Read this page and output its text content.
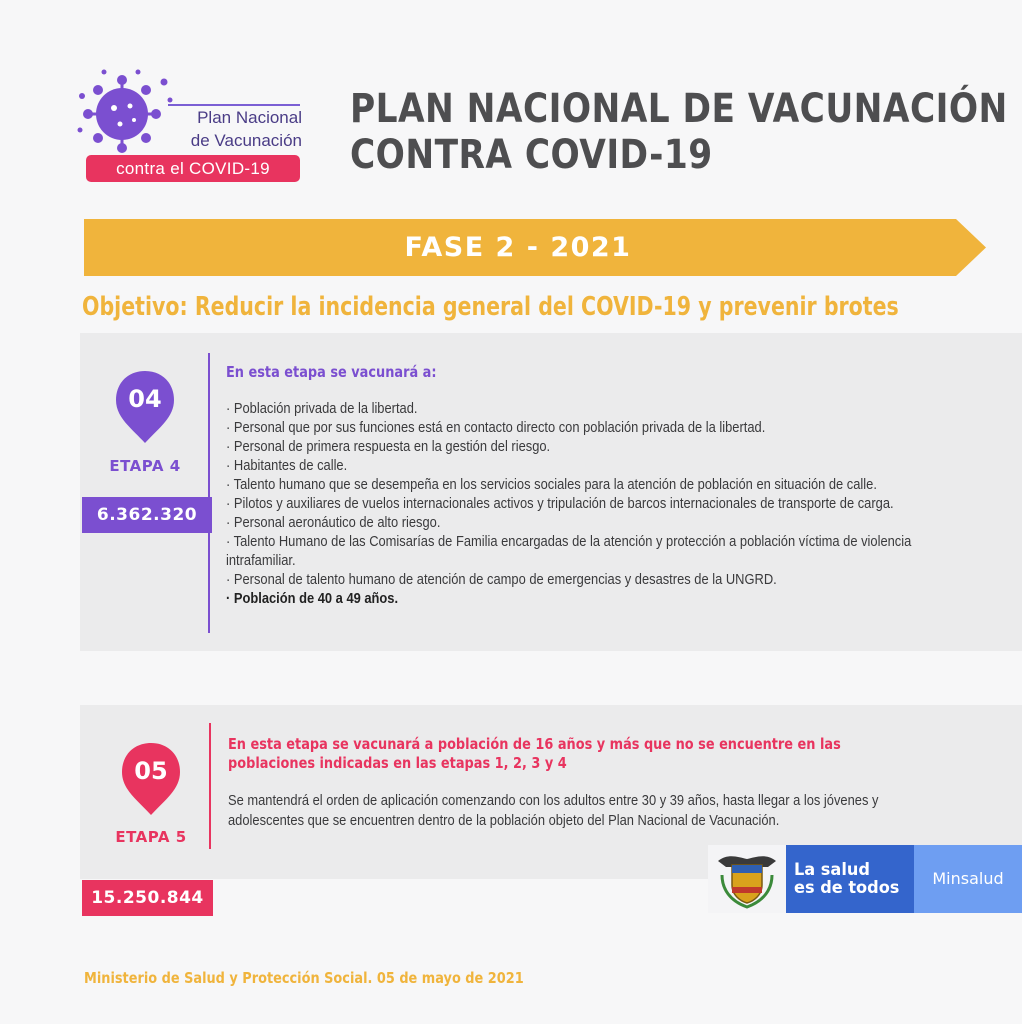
Plan Nacional
de Vacunación
contra el COVID-19
PLAN NACIONAL DE VACUNACIÓN
CONTRA COVID-19
FASE 2 - 2021
Objetivo: Reducir la incidencia general del COVID-19 y prevenir brotes
04
ETAPA 4
En esta etapa se vacunará a:
· Población privada de la libertad.
· Personal que por sus funciones está en contacto directo con población privada de la libertad.
· Personal de primera respuesta en la gestión del riesgo.
· Habitantes de calle.
· Talento humano que se desempeña en los servicios sociales para la atención de población en situación de calle.
· Pilotos y auxiliares de vuelos internacionales activos y tripulación de barcos internacionales de transporte de carga.
· Personal aeronáutico de alto riesgo.
· Talento Humano de las Comisarías de Familia encargadas de la atención y protección a población víctima de violencia intrafamiliar.
· Personal de talento humano de atención de campo de emergencias y desastres de la UNGRD.
· Población de 40 a 49 años.
6.362.320
05
ETAPA 5
En esta etapa se vacunará a población de 16 años y más que no se encuentre en las poblaciones indicadas en las etapas 1, 2, 3 y 4

Se mantendrá el orden de aplicación comenzando con los adultos entre 30 y 39 años, hasta llegar a los jóvenes y adolescentes que se encuentren dentro de la población objeto del Plan Nacional de Vacunación.

15.250.844
La salud
es de todos	Minsalud

Ministerio de Salud y Protección Social. 05 de mayo de 2021
